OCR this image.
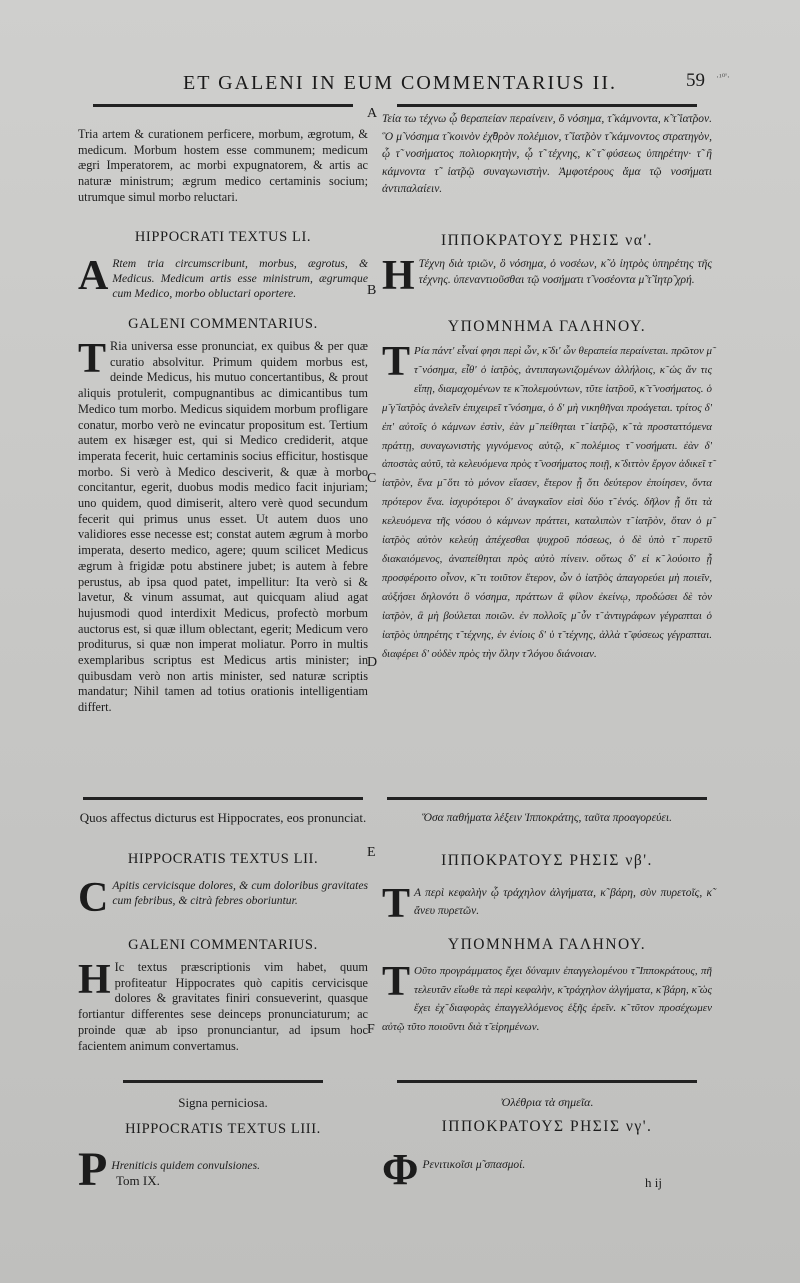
ET GALENI IN EUM COMMENTARIUS II.	59 ·¹⁰'·
A
B
C
D
E
F

Tria artem & curationem perficere, morbum, ægrotum, & medicum. Morbum hostem esse communem; medicum ægri Imperatorem, ac morbi expugnatorem, & artis ac naturæ ministrum; ægrum medico certaminis socium; utrumque simul morbo reluctari.

HIPPOCRATI TEXTUS LI.

A Rtem tria circumscribunt, morbus, ægrotus, & Medicus. Medicum artis esse ministrum, ægrumque cum Medico, morbo obluctari oportere.

GALENI COMMENTARIUS.

T Ria universa esse pronunciat, ex quibus & per quæ curatio absolvitur. Primum quidem morbus est, deinde Medicus, his mutuo concertantibus, & prout aliquis protulerit, compugnantibus ac dimicantibus tum Medico tum morbo. Medicus siquidem morbum profligare conatur, morbo verò ne evincatur propositum est. Tertium autem ex hisæger est, qui si Medico crediderit, atque imperata fecerit, huic certaminis socius efficitur, hostisque morbo. Si verò à Medico desciverit, & quæ à morbo concitantur, egerit, duobus modis medico facit injuriam; uno quidem, quod dimiserit, altero verè quod secundum fecerit qui primus unus esset. Ut autem duos uno validiores esse necesse est; constat autem ægrum à morbo imperata, deserto medico, agere; quum scilicet Medicus ægrum à frigidæ potu abstinere jubet; is autem à febre perustus, ab ipsa quod patet, impellitur: Ita verò si & lavetur, & vinum assumat, aut quicquam aliud agat hujusmodi quod interdixit Medicus, profectò morbum auctorus est, si quæ illum oblectant, egerit; Medicum vero proditurus, si quæ non imperat moliatur. Porro in multis exemplaribus scriptus est Medicus artis minister; in quibusdam verò non artis minister, sed naturæ scriptis mandatur; Nihil tamen ad totius orationis intelligentiam differt.

Quos affectus dicturus est Hippocrates, eos pronunciat.

HIPPOCRATIS TEXTUS LII.

C Apitis cervicisque dolores, & cum doloribus gravitates cum febribus, & citrà febres oboriuntur.

GALENI COMMENTARIUS.

H Ic textus præscriptionis vim habet, quum profiteatur Hippocrates quò capitis cervicisque dolores & gravitates finiri consueverint, quasque fortiantur differentes sese deinceps pronunciaturum; ac proinde quæ ab ipso pronunciantur, ad ipsum hoc facientem animum convertamus.

Signa perniciosa.

HIPPOCRATIS TEXTUS LIII.

P Hreniticis quidem convulsiones.

Tom IX.

Τεία τω τέχνω ᾧ θεραπείαν περαίνειν, ὃ νόσημα, τ̃ κάμνοντα, κ̃ τ̃ ἰατ̃ρον. Ὃ μ̃ νόσημα τ̃ κοινὸν ἐχ̃θρὸν πολέμιον, τ̃ ἰατ̃ρὸν τ̃ κάμνοντος στρατηγὸν, ᾧ τ̃ νοσήματος πολιορκητὴν, ᾧ τ̃ τέχνης, κ̃ τ̃ φύσεως ὑπηρέτην· τ̃ ἢ κάμνοντα τ̃ ἰατ̃ρῷ συναγωνιστὴν. Ἀμφοτέρους ἅμα τῷ νοσήματι ἀντιπαλαίειν.

ΙΠΠΟΚΡΑΤΟΥΣ ΡΗΣΙΣ να'.

Η Τέχνη διὰ τριῶν, ὃ νόσημα, ὁ νοσέων, κ̃ ὁ ἰητρὸς ὑπηρέτης τῆς τέχνης. ὑπεναντιοῦσθαι τῷ νοσήματι τ̃ νοσέοντα μ̃ τ̃ ἰητρ̃ χρή.

ΥΠΟΜΝΗΜΑ ΓΑΛΗΝΟΥ.

Τ Ρία πάντ' εἶναί φησι περὶ ὧν, κ̃ δι' ὧν θεραπεία περαίνεται. πρῶτον μ̃ τ̃ νόσημα, εἶθ' ὁ ἰατ̃ρὸς, ἀντιπαγωνιζομένων ἀλλήλοις, κ̃ ὡς ἄν τις εἴπῃ, διαμαχομένων τε κ̃ πολεμούντων, τῦτε ἰατ̃ροῦ, κ̃ τ̃ νοσήματος. ὁ μ̃ γ̃ ἰατ̃ρὸς ἀνελεῖν ἐπιχειρεῖ τ̃ νόσημα, ὁ δ' μὴ νικηθῆναι προάγεται. τρίτος δ' ἐπ' αὐτοῖς ὁ κάμνων ἐστὶν, ἐὰν μ̃ πείθηται τ̃ ἰατ̃ρῷ, κ̃ τὰ προσταττόμενα πράττῃ, συναγωνιστὴς γιγνόμενος αὐτῷ, κ̃ πολέμιος τ̃ νοσήματι. ἐὰν δ' ἀποστὰς αὐτῦ, τὰ κελευόμενα πρὸς τ̃ νοσήματος ποιῇ, κ̃ διττὸν ἔργον ἀδικεῖ τ̃ ἰατ̃ρὸν, ἕνα μ̃ ὅτι τὸ μόνον εἴασεν, ἕτερον ᾗ ὅτι δεύτερον ἐποίησεν, ὄντα πρότερον ἕνα. ἰσχυρότεροι δ' ἀναγκαῖον εἰσὶ δύο τ̃ ἑνός. δῆλον ᾗ ὅτι τὰ κελευόμενα τῆς νόσου ὁ κάμνων πράττει, καταλιπὼν τ̃ ἰατ̃ρὸν, ὅταν ὁ μ̃ ἰατ̃ρὸς αὐτὸν κελεύῃ ἀπέχεσθαι ψυχροῦ πόσεως, ὁ δὲ ὑπὸ τ̃ πυρετῦ διακαιόμενος, ἀναπείθηται πρὸς αὐτὸ πίνειν. οὕτως δ' εἰ κ̃ λούοιτο ᾗ προσφέροιτο οἶνον, κ̃ τι τοιῦτον ἕτερον, ὧν ὁ ἰατ̃ρὸς ἀπαγορεύει μὴ ποιεῖν, αὐξήσει δηλονότι ὃ νόσημα, πράττων ἃ φίλον ἐκείνῳ, προδώσει δὲ τὸν ἰατ̃ρὸν, ἃ μὴ βούλεται ποιῶν. ἐν πολλοῖς μ̃ ὖν τ̃ ἀντιγράφων γέγραπται ὁ ἰατ̃ρὸς ὑπηρέτης τ̃ τέχνης, ἐν ἐνίοις δ' ὑ τ̃ τέχνης, ἀλλὰ τ̃ φύσεως γέγραπται. διαφέρει δ' οὐδὲν πρὸς τὴν ὅλην τ̃ λόγου διάνοιαν.

Ὅσα παθήματα λέξειν Ἱπποκράτης, ταῦτα προαγορεύει.

ΙΠΠΟΚΡΑΤΟΥΣ ΡΗΣΙΣ νβ'.

Τ Α περὶ κεφαλὴν ᾧ τράχηλον ἀλγήματα, κ̃ βάρη, σὺν πυρετοῖς, κ̃ ἄνευ πυρετῶν.

ΥΠΟΜΝΗΜΑ ΓΑΛΗΝΟΥ.

Τ Οῦτο προγράμματος ἔχει δύναμιν ἐπαγγελομένου τ̃ Ἱπποκράτους, πῆ τελευτᾶν εἴωθε τὰ περὶ κεφαλὴν, κ̃ τράχηλον ἀλγήματα, κ̃ βάρη, κ̃ ὡς ἔχει ἐχ̃ διαφορὰς ἐπαγγελλόμενος ἑξῆς ἐρεῖν. κ̃ τῦτον προσέχωμεν αὐτῷ τῦτο ποιοῦντι διὰ τ̃ εἰρημένων.

Ὀλέθρια τὰ σημεῖα.

ΙΠΠΟΚΡΑΤΟΥΣ ΡΗΣΙΣ νγ'.

Φ Ρενιτικοῖσι μ̃ σπασμοί.

h ij
